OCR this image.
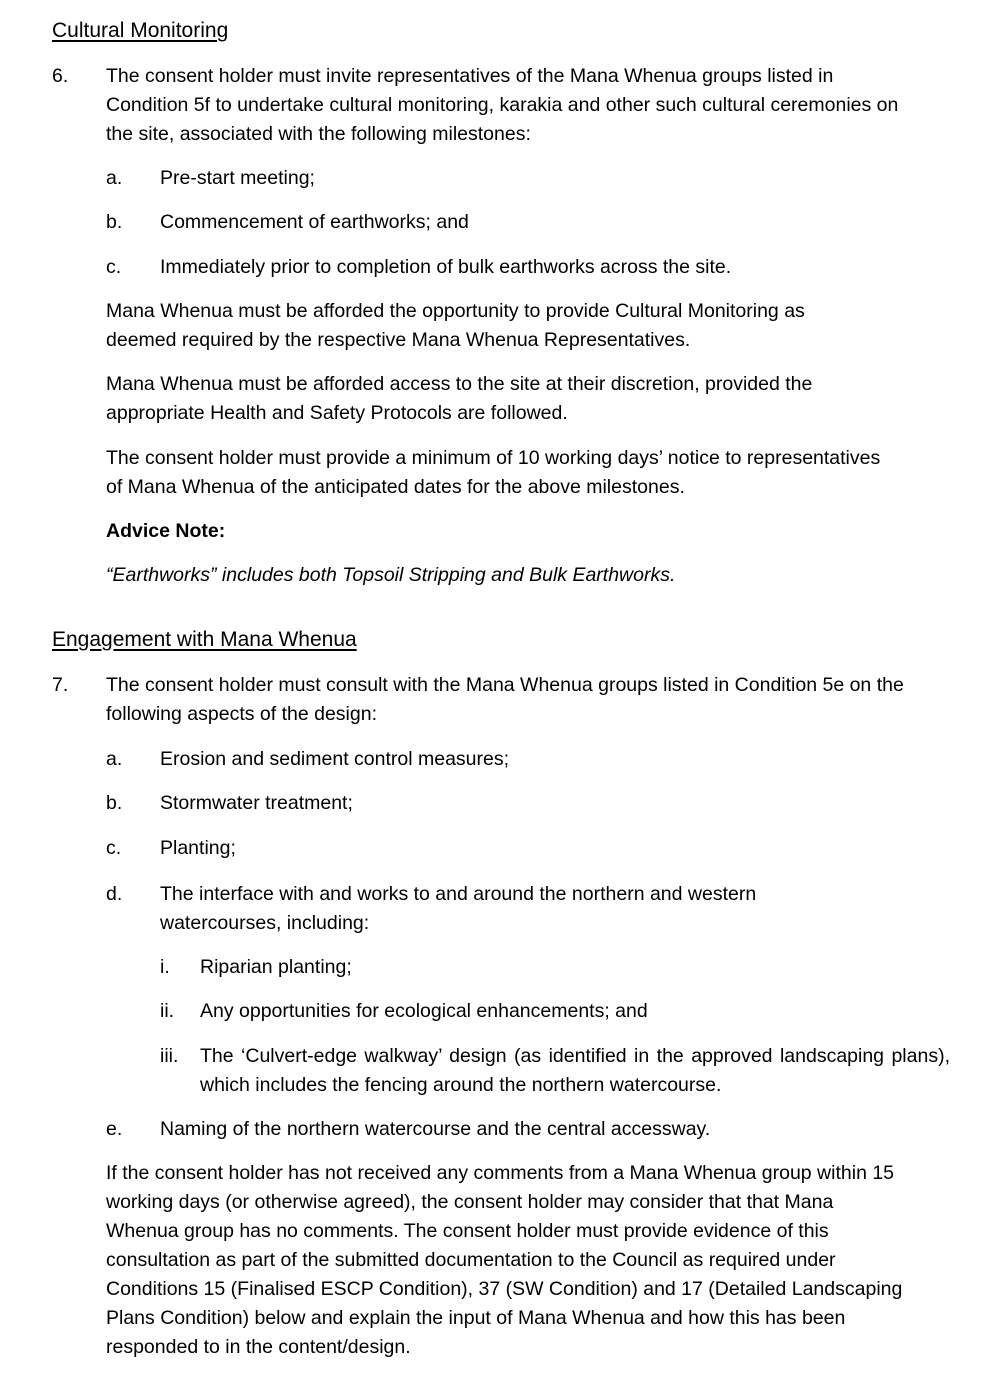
Cultural Monitoring
6. The consent holder must invite representatives of the Mana Whenua groups listed in Condition 5f to undertake cultural monitoring, karakia and other such cultural ceremonies on the site, associated with the following milestones:

a. Pre-start meeting;

b. Commencement of earthworks; and

c. Immediately prior to completion of bulk earthworks across the site.

Mana Whenua must be afforded the opportunity to provide Cultural Monitoring as deemed required by the respective Mana Whenua Representatives.

Mana Whenua must be afforded access to the site at their discretion, provided the appropriate Health and Safety Protocols are followed.

The consent holder must provide a minimum of 10 working days’ notice to representatives of Mana Whenua of the anticipated dates for the above milestones.

Advice Note:

“Earthworks” includes both Topsoil Stripping and Bulk Earthworks.

Engagement with Mana Whenua
7. The consent holder must consult with the Mana Whenua groups listed in Condition 5e on the following aspects of the design:

a. Erosion and sediment control measures;

b. Stormwater treatment;

c. Planting;

d. The interface with and works to and around the northern and western watercourses, including:

i. Riparian planting;

ii. Any opportunities for ecological enhancements; and

iii. The ‘Culvert-edge walkway’ design (as identified in the approved landscaping plans), which includes the fencing around the northern watercourse.

e. Naming of the northern watercourse and the central accessway.

If the consent holder has not received any comments from a Mana Whenua group within 15 working days (or otherwise agreed), the consent holder may consider that that Mana Whenua group has no comments. The consent holder must provide evidence of this consultation as part of the submitted documentation to the Council as required under Conditions 15 (Finalised ESCP Condition), 37 (SW Condition) and 17 (Detailed Landscaping Plans Condition) below and explain the input of Mana Whenua and how this has been responded to in the content/design.
